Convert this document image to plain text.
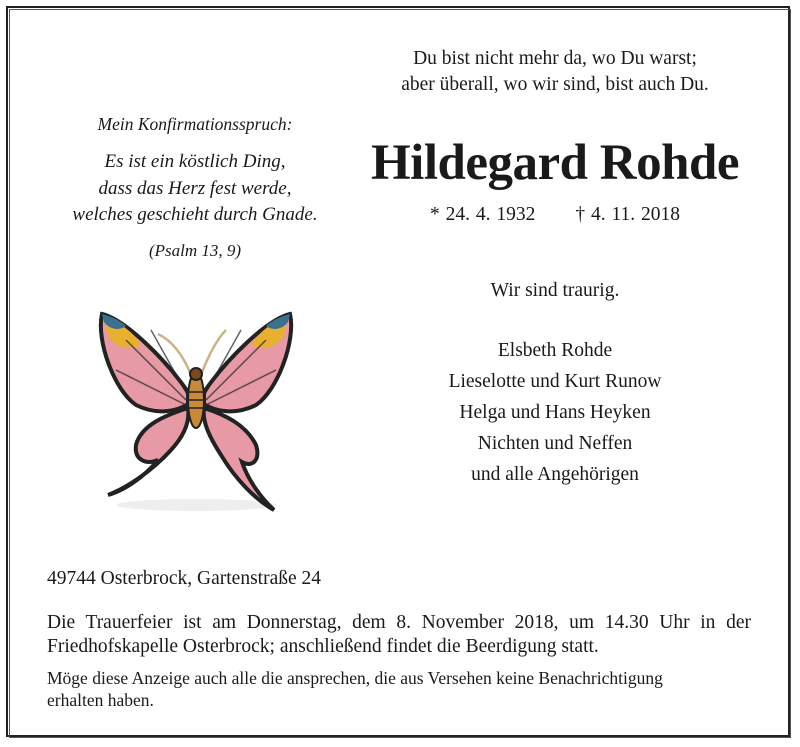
Du bist nicht mehr da, wo Du warst;
aber überall, wo wir sind, bist auch Du.
Mein Konfirmationsspruch:
Es ist ein köstlich Ding,
dass das Herz fest werde,
welches geschieht durch Gnade.
(Psalm 13, 9)
Hildegard Rohde
* 24. 4. 1932 † 4. 11. 2018
Wir sind traurig.
Elsbeth Rohde
Lieselotte und Kurt Runow
Helga und Hans Heyken
Nichten und Neffen
und alle Angehörigen
49744 Osterbrock, Gartenstraße 24
Die Trauerfeier ist am Donnerstag, dem 8. November 2018, um 14.30 Uhr in der
Friedhofskapelle Osterbrock; anschließend findet die Beerdigung statt.
Möge diese Anzeige auch alle die ansprechen, die aus Versehen keine Benachrichtigung
erhalten haben.
